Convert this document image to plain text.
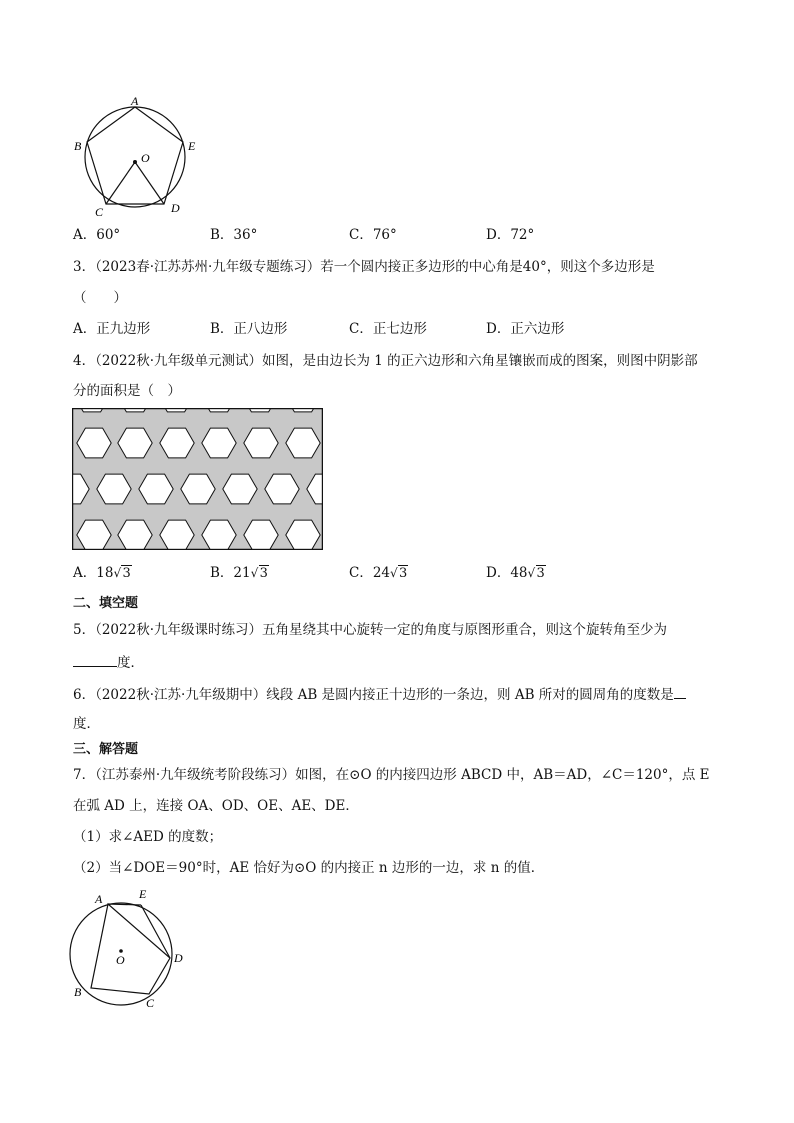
A
B
C	D
E
O
A．60°	B．36°	C．76°	D．72°
3．（2023春·江苏苏州·九年级专题练习）若一个圆内接正多边形的中心角是40°，则这个多边形是
（　　）
A．正九边形	B．正八边形	C．正七边形	D．正六边形
4．（2022秋·九年级单元测试）如图，是由边长为 1 的正六边形和六角星镶嵌而成的图案，则图中阴影部
分的面积是（　）
A．18 √ 3	B．21 √ 3	C．24 √ 3	D．48 √ 3
二、填空题
5．（2022秋·九年级课时练习）五角星绕其中心旋转一定的角度与原图形重合，则这个旋转角至少为
度．
6．（2022秋·江苏·九年级期中）线段 AB 是圆内接正十边形的一条边，则 AB 所对的圆周角的度数是
度．
三、解答题
7．（江苏泰州·九年级统考阶段练习）如图，在⊙O 的内接四边形 ABCD 中，AB＝AD，∠C＝120°，点 E
在弧 AD 上，连接 OA、OD、OE、AE、DE．
（1）求∠AED 的度数；
（2）当∠DOE＝90°时，AE 恰好为⊙O 的内接正 n 边形的一边，求 n 的值．
A
B
C
D
E
O
